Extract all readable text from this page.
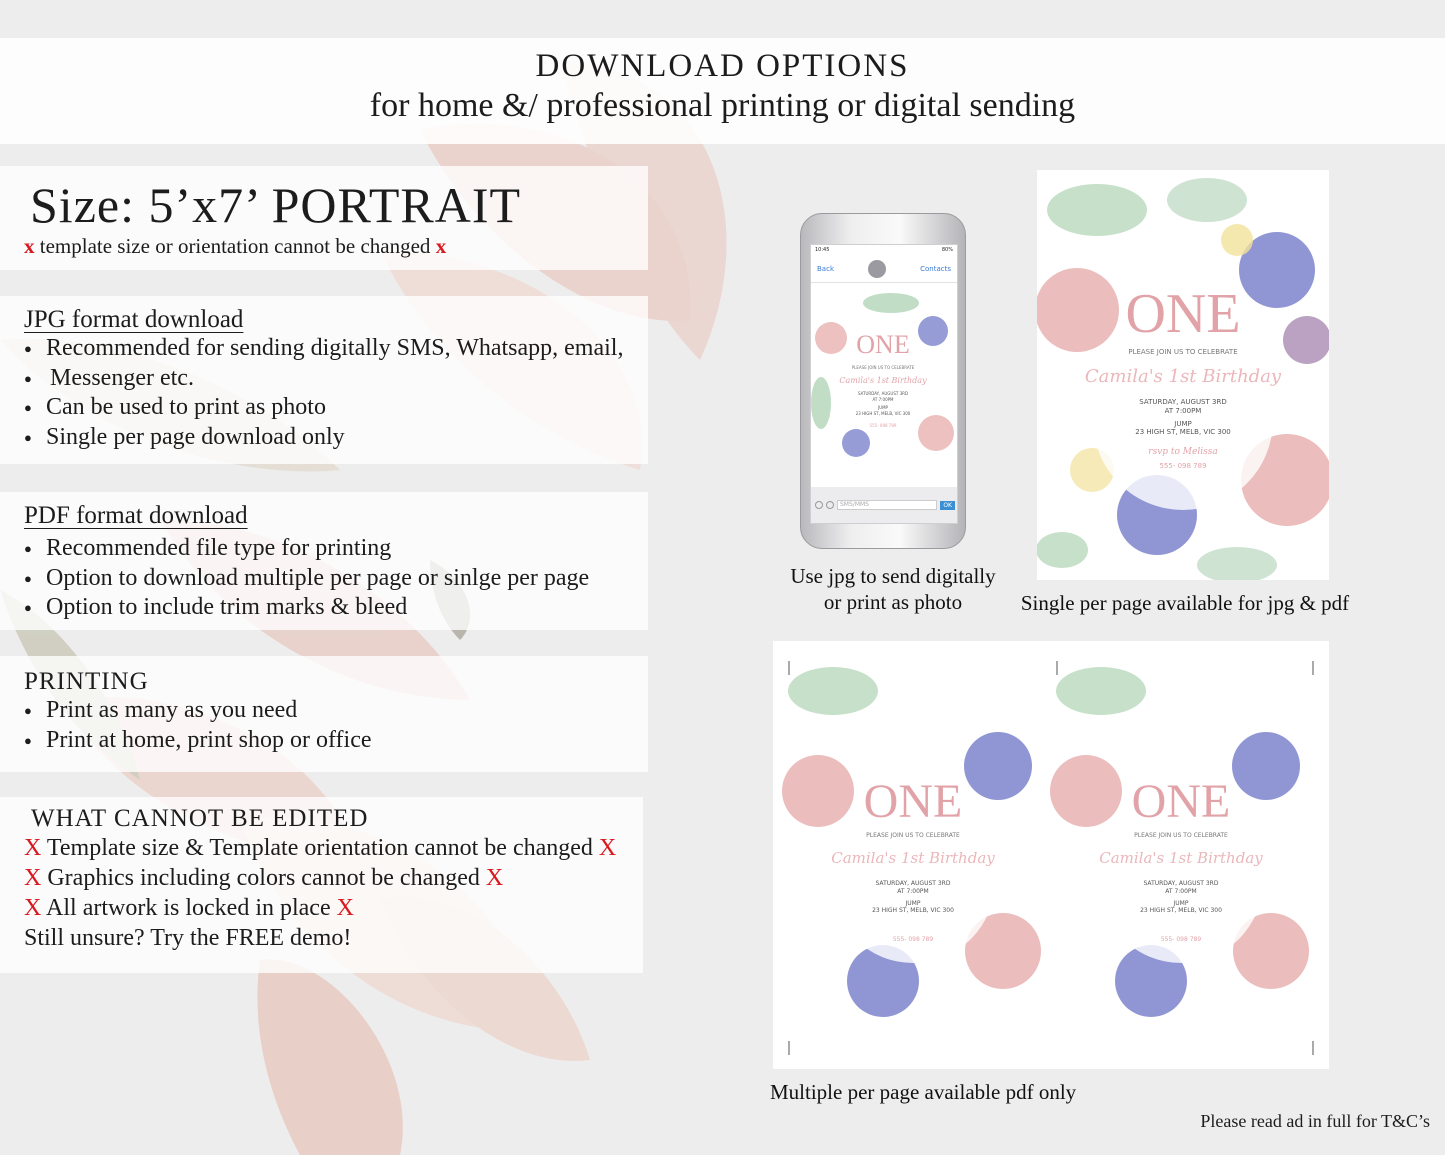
DOWNLOAD OPTIONS
for home &/ professional printing or digital sending
Size: 5’x7’ PORTRAIT
x template size or orientation cannot be changed x
JPG format download
● Recommended for sending digitally SMS, Whatsapp, email,
● Messenger etc.
● Can be used to print as photo
● Single per page download only
PDF format download
● Recommended file type for printing
● Option to download multiple per page or sinlge per page
● Option to include trim marks & bleed
PRINTING
● Print as many as you need
● Print at home, print shop or office
WHAT CANNOT BE EDITED
X Template size & Template orientation cannot be changed X
X Graphics including colors cannot be changed X
X All artwork is locked in place X
Still unsure? Try the FREE demo!
10:45	80%
Back	Contacts
ONE
PLEASE JOIN US TO CELEBRATE
Camila's 1st Birthday
SATURDAY, AUGUST 3RD
AT 7:00PM
JUMP
23 HIGH ST, MELB, VIC 300
555- 098 789
SMS/MMS	OK
ONE
PLEASE JOIN US TO CELEBRATE
Camila's 1st Birthday
SATURDAY, AUGUST 3RD
AT 7:00PM
JUMP
23 HIGH ST, MELB, VIC 300
rsvp to Melissa
555- 098 789
ONE
PLEASE JOIN US TO CELEBRATE
Camila's 1st Birthday
SATURDAY, AUGUST 3RD
AT 7:00PM
JUMP
23 HIGH ST, MELB, VIC 300
555- 098 789
ONE
PLEASE JOIN US TO CELEBRATE
Camila's 1st Birthday
SATURDAY, AUGUST 3RD
AT 7:00PM
JUMP
23 HIGH ST, MELB, VIC 300
555- 098 789
Use jpg to send digitally
or print as photo	Single per page available for jpg & pdf
Multiple per page available pdf only
Please read ad in full for T&C’s
